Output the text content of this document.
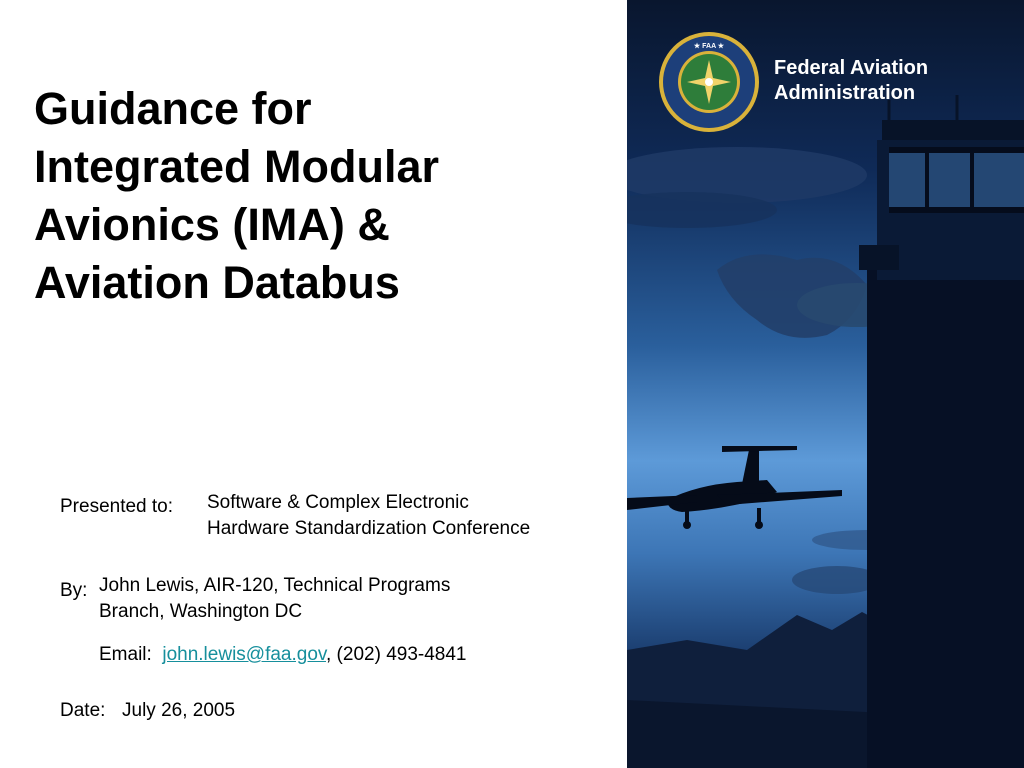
Guidance for
Integrated Modular
Avionics (IMA) &
Aviation Databus
Presented to: Software & Complex Electronic
Hardware Standardization Conference
By: John Lewis, AIR-120, Technical Programs
Branch, Washington DC
Email: john.lewis@faa.gov, (202) 493-4841
Date: July 26, 2005
★ FAA ★
Federal Aviation
Administration
